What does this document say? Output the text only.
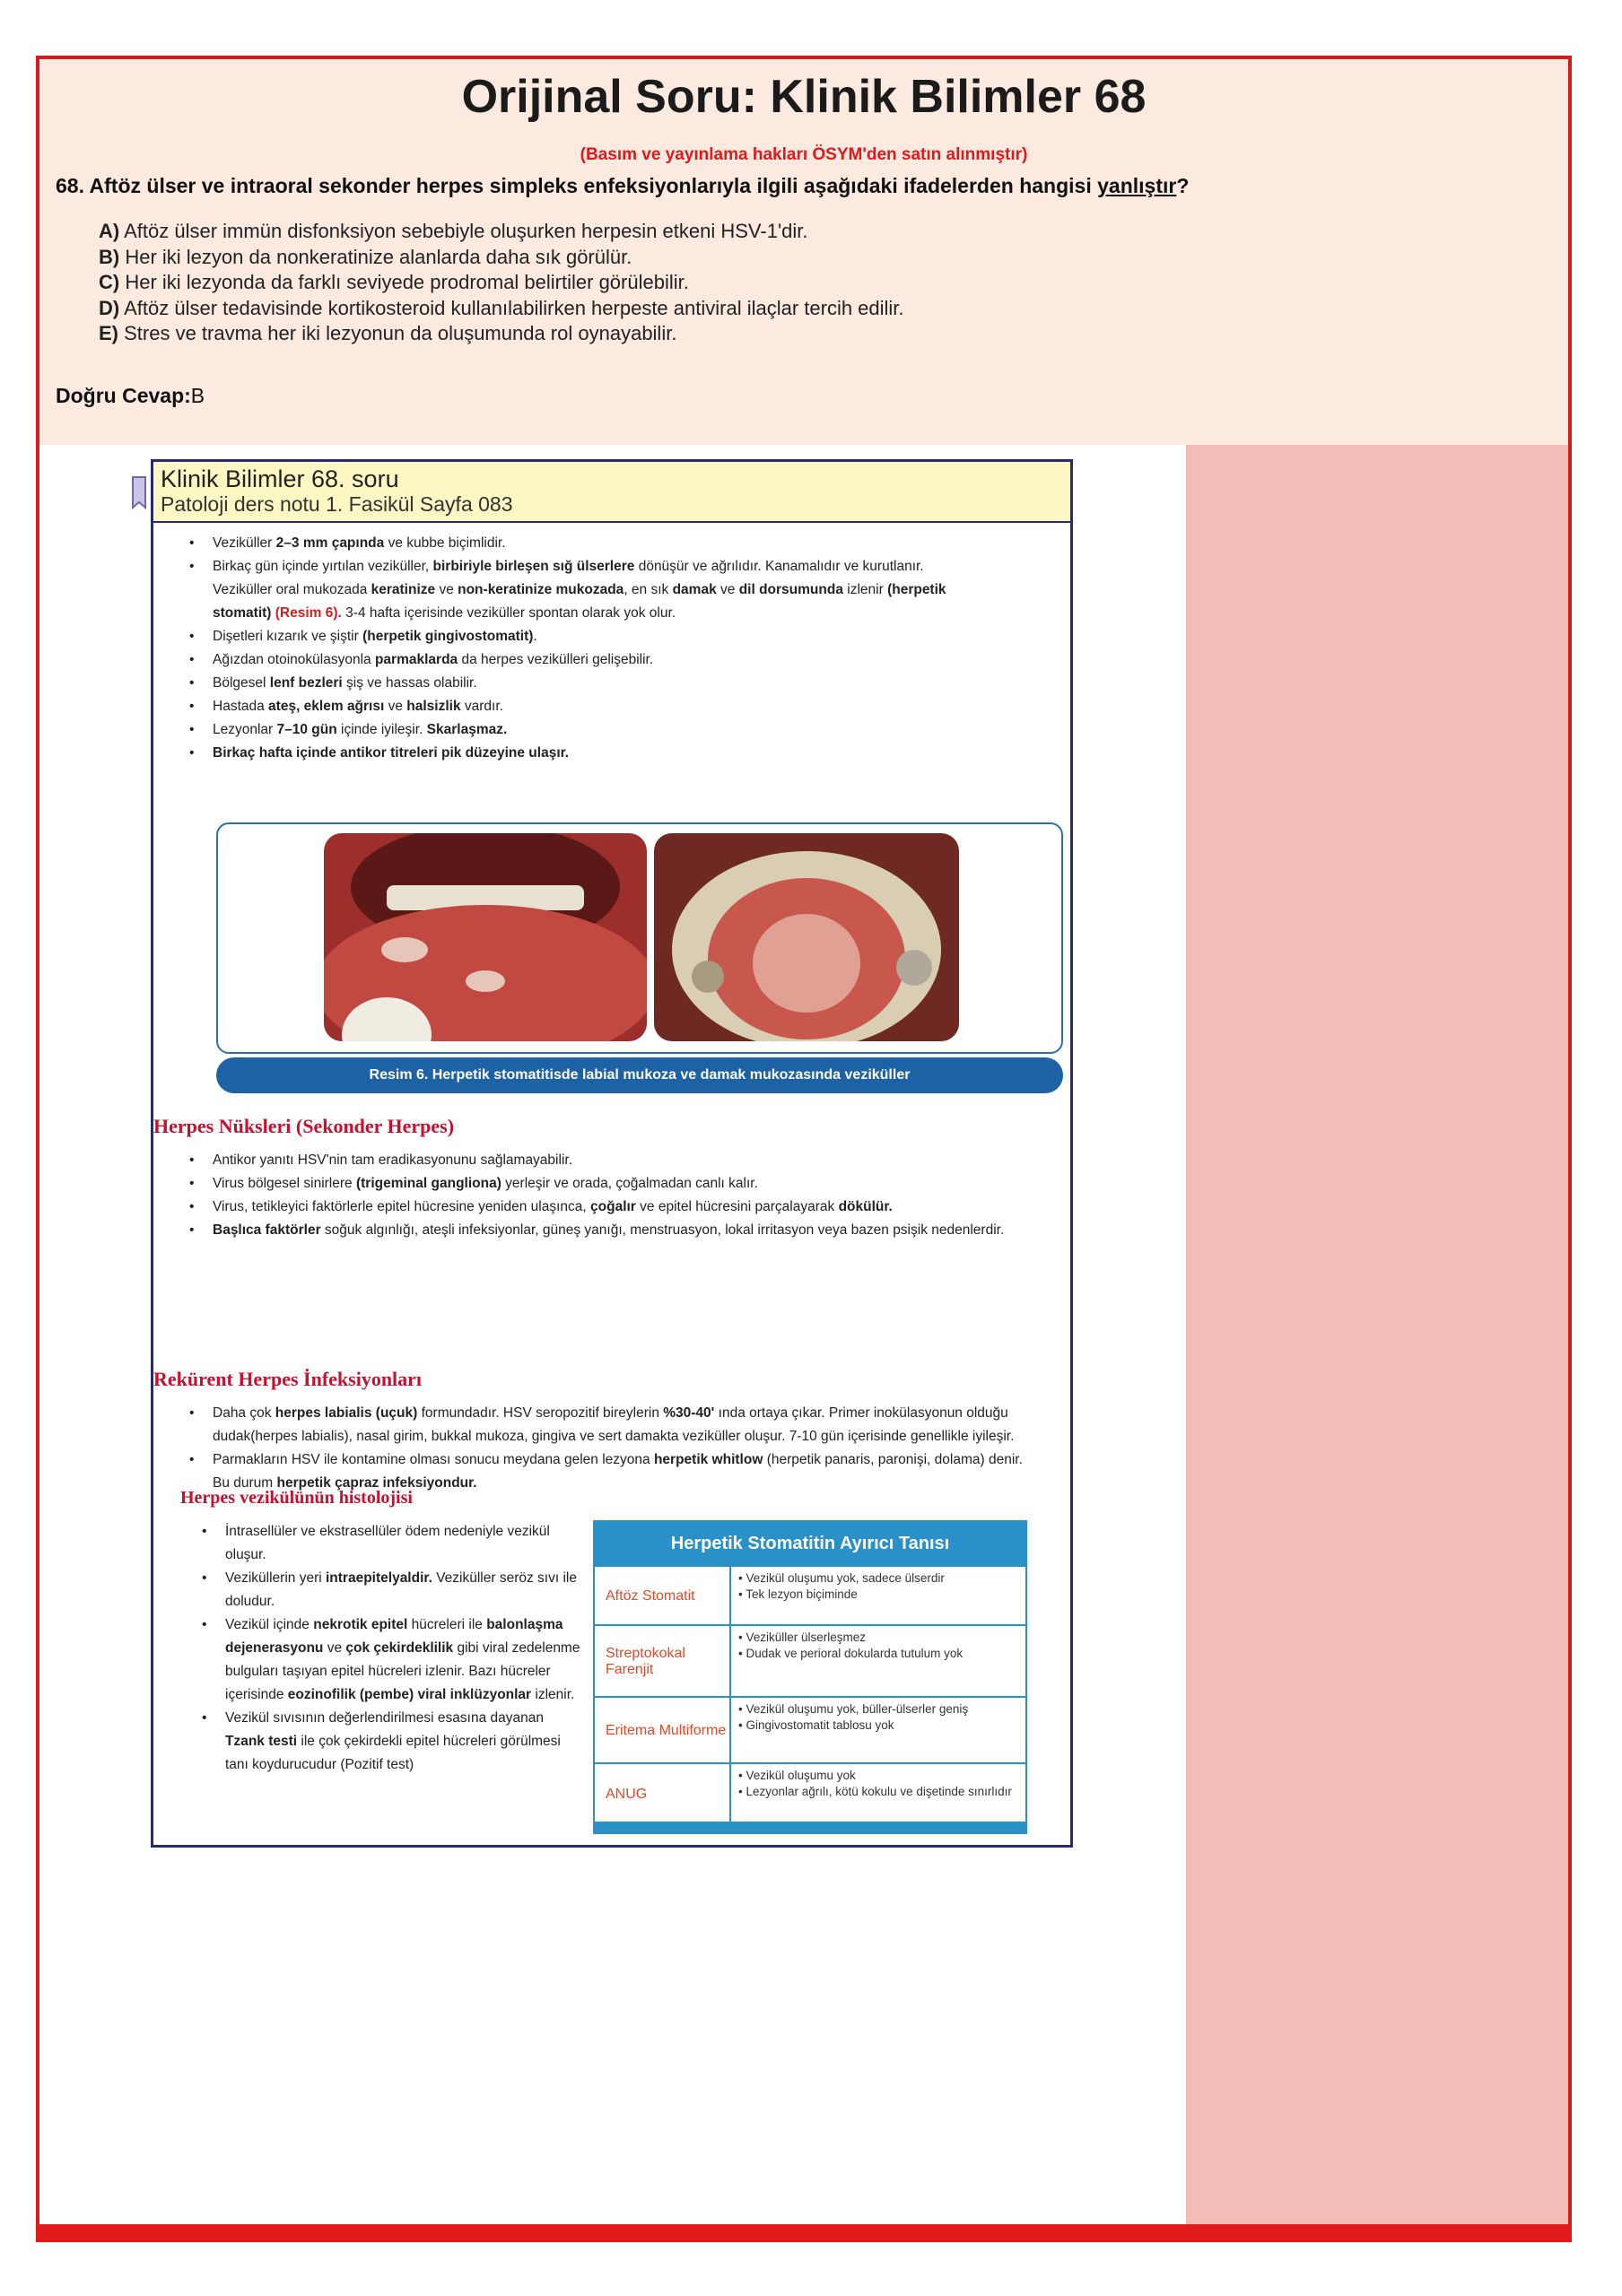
Orijinal Soru: Klinik Bilimler 68
(Basım ve yayınlama hakları ÖSYM'den satın alınmıştır)
68. Aftöz ülser ve intraoral sekonder herpes simpleks enfeksiyonlarıyla ilgili aşağıdaki ifadelerden hangisi yanlıştır?
A) Aftöz ülser immün disfonksiyon sebebiyle oluşurken herpesin etkeni HSV-1'dir.
B) Her iki lezyon da nonkeratinize alanlarda daha sık görülür.
C) Her iki lezyonda da farklı seviyede prodromal belirtiler görülebilir.
D) Aftöz ülser tedavisinde kortikosteroid kullanılabilirken herpeste antiviral ilaçlar tercih edilir.
E) Stres ve travma her iki lezyonun da oluşumunda rol oynayabilir.
Doğru Cevap:B
Klinik Bilimler 68. soru
Patoloji ders notu 1. Fasikül Sayfa 083
• Veziküller 2–3 mm çapında ve kubbe biçimlidir.
• Birkaç gün içinde yırtılan veziküller, birbiriyle birleşen sığ ülserlere dönüşür ve ağrılıdır. Kanamalıdır ve kurutlanır. Veziküller oral mukozada keratinize ve non-keratinize mukozada, en sık damak ve dil dorsumunda izlenir (herpetik stomatit) (Resim 6). 3-4 hafta içerisinde veziküller spontan olarak yok olur.
• Dişetleri kızarık ve şiştir (herpetik gingivostomatit).
• Ağızdan otoinokülasyonla parmaklarda da herpes vezikülleri gelişebilir.
• Bölgesel lenf bezleri şiş ve hassas olabilir.
• Hastada ateş, eklem ağrısı ve halsizlik vardır.
• Lezyonlar 7–10 gün içinde iyileşir. Skarlaşmaz.
• Birkaç hafta içinde antikor titreleri pik düzeyine ulaşır.
Resim 6. Herpetik stomatitisde labial mukoza ve damak mukozasında veziküller
Herpes Nüksleri (Sekonder Herpes)
• Antikor yanıtı HSV'nin tam eradikasyonunu sağlamayabilir.
• Virus bölgesel sinirlere (trigeminal ganglionа) yerleşir ve orada, çoğalmadan canlı kalır.
• Virus, tetikleyici faktörlerle epitel hücresine yeniden ulaşınca, çoğalır ve epitel hücresini parçalayarak dökülür.
• Başlıca faktörler soğuk algınlığı, ateşli infeksiyonlar, güneş yanığı, menstruasyon, lokal irritasyon veya bazen psişik nedenlerdir.
Rekürent Herpes İnfeksiyonları
• Daha çok herpes labialis (uçuk) formundadır. HSV seropozitif bireylerin %30-40' ında ortaya çıkar. Primer inokülasyonun olduğu dudak(herpes labialis), nasal girim, bukkal mukoza, gingiva ve sert damakta veziküller oluşur. 7-10 gün içerisinde genellikle iyileşir.
• Parmakların HSV ile kontamine olması sonucu meydana gelen lezyona herpetik whitlow (herpetik panaris, paronişi, dolama) denir. Bu durum herpetik çapraz infeksiyondur.
Herpes vezikülünün histolojisi
• İntrasellüler ve ekstrasellüler ödem nedeniyle vezikül oluşur.
• Veziküllerin yeri intraepitelyaldir. Veziküller seröz sıvı ile doludur.
• Vezikül içinde nekrotik epitel hücreleri ile balonlaşma dejenerasyonu ve çok çekirdeklilik gibi viral zedelenme bulguları taşıyan epitel hücreleri izlenir. Bazı hücreler içerisinde eozinofilik (pembe) viral inklüzyonlar izlenir.
• Vezikül sıvısının değerlendirilmesi esasına dayanan Tzank testi ile çok çekirdekli epitel hücreleri görülmesi tanı koydurucudur (Pozitif test)
Herpetik Stomatitin Ayırıcı Tanısı
Aftöz Stomatit
• Vezikül oluşumu yok, sadece ülserdir
• Tek lezyon biçiminde
Streptokokal Farenjit
• Veziküller ülserleşmez
• Dudak ve perioral dokularda tutulum yok
Eritema Multiforme
• Vezikül oluşumu yok, büller-ülserler geniş
• Gingivostomatit tablosu yok
ANUG
• Vezikül oluşumu yok
• Lezyonlar ağrılı, kötü kokulu ve dişetinde sınırlıdır
